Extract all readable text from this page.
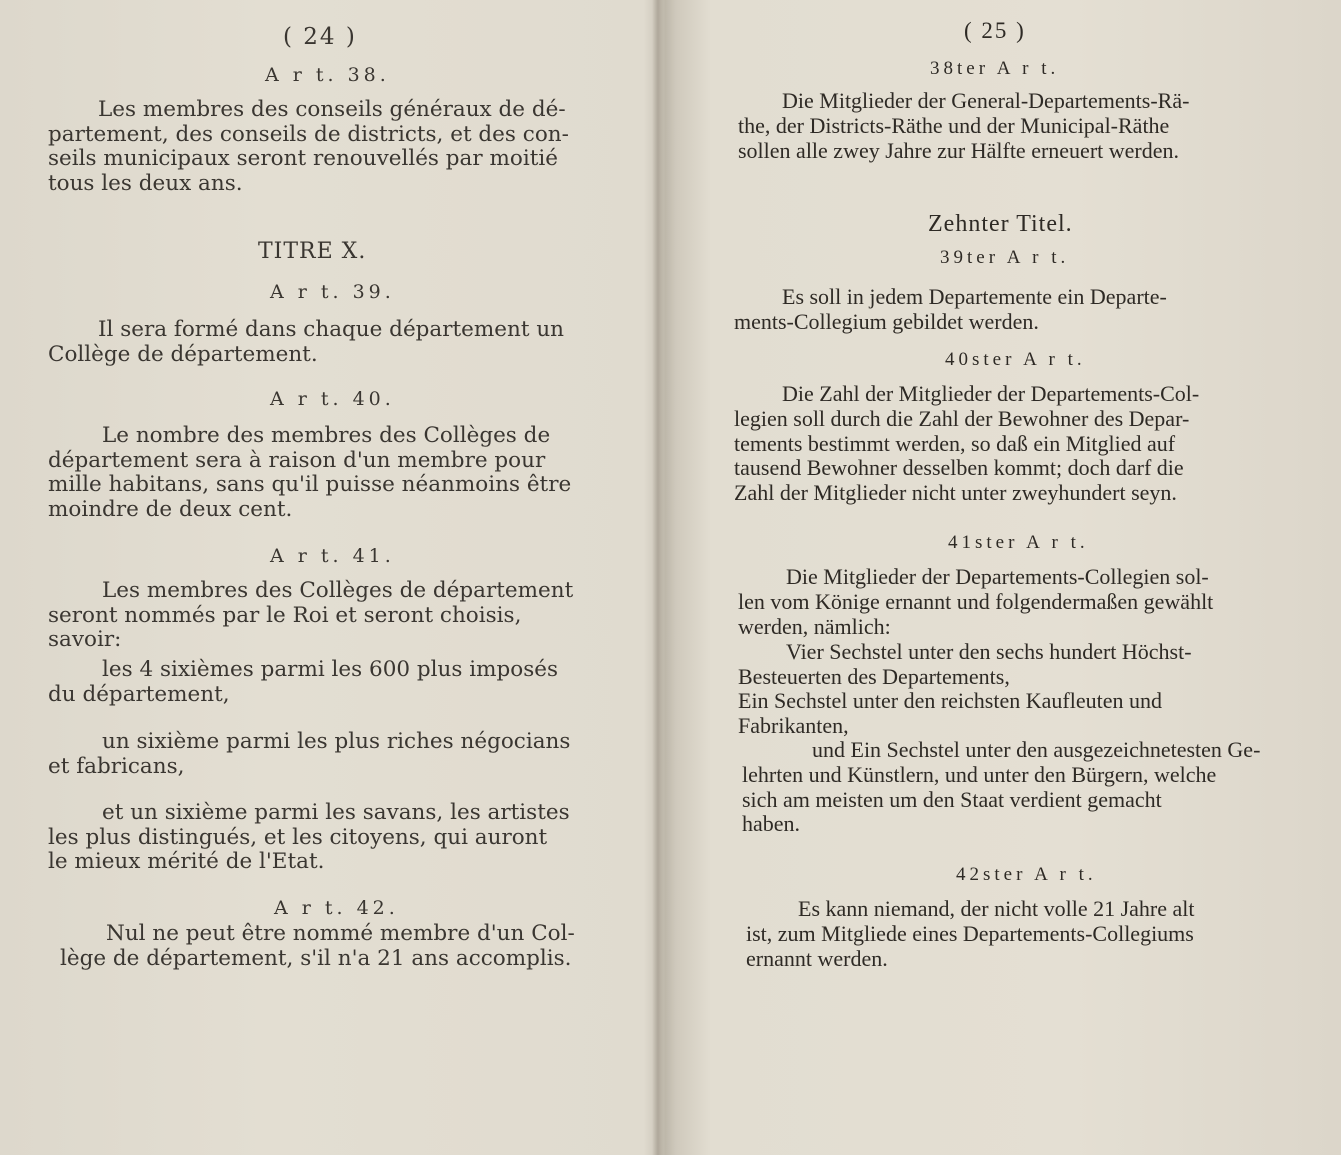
( 24 )
A r t. 38.
Les membres des conseils généraux de dé-
partement, des conseils de districts, et des con-
seils municipaux seront renouvellés par moitié
tous les deux ans.
TITRE X.
A r t. 39.
Il sera formé dans chaque département un
Collège de département.
A r t. 40.
Le nombre des membres des Collèges de
département sera à raison d'un membre pour
mille habitans, sans qu'il puisse néanmoins être
moindre de deux cent.
A r t. 41.
Les membres des Collèges de département
seront nommés par le Roi et seront choisis,
savoir:
les 4 sixièmes parmi les 600 plus imposés
du département,
un sixième parmi les plus riches négocians
et fabricans,
et un sixième parmi les savans, les artistes
les plus distingués, et les citoyens, qui auront
le mieux mérité de l'Etat.
A r t. 42.
Nul ne peut être nommé membre d'un Col-
lège de département, s'il n'a 21 ans accomplis.
( 25 )
38ter A r t.
Die Mitglieder der General-Departements-Rä-
the, der Districts-Räthe und der Municipal-Räthe
sollen alle zwey Jahre zur Hälfte erneuert werden.
Zehnter Titel.
39ter A r t.
Es soll in jedem Departemente ein Departe-
ments-Collegium gebildet werden.
40ster A r t.
Die Zahl der Mitglieder der Departements-Col-
legien soll durch die Zahl der Bewohner des Depar-
tements bestimmt werden, so daß ein Mitglied auf
tausend Bewohner desselben kommt; doch darf die
Zahl der Mitglieder nicht unter zweyhundert seyn.
41ster A r t.
Die Mitglieder der Departements-Collegien sol-
len vom Könige ernannt und folgendermaßen gewählt
werden, nämlich:
Vier Sechstel unter den sechs hundert Höchst-
Besteuerten des Departements,
Ein Sechstel unter den reichsten Kaufleuten und
Fabrikanten,
und Ein Sechstel unter den ausgezeichnetesten Ge-
lehrten und Künstlern, und unter den Bürgern, welche
sich am meisten um den Staat verdient gemacht
haben.
42ster A r t.
Es kann niemand, der nicht volle 21 Jahre alt
ist, zum Mitgliede eines Departements-Collegiums
ernannt werden.
